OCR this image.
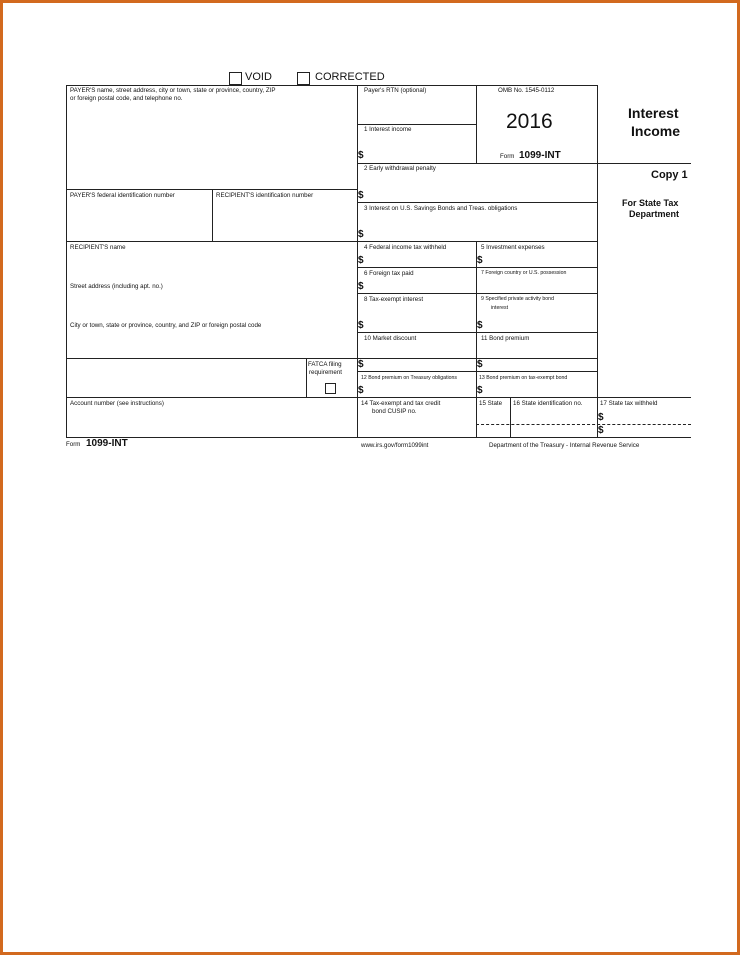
VOID	CORRECTED
PAYER'S name, street address, city or town, state or province, country, ZIP
or foreign postal code, and telephone no.
PAYER'S federal identification number	RECIPIENT'S identification number
RECIPIENT'S name
Street address (including apt. no.)
City or town, state or province, country, and ZIP or foreign postal code
FATCA filing
requirement
Account number (see instructions)
Payer's RTN (optional)	OMB No. 1545-0112
2016
Form 1099-INT
Interest
Income
Copy 1
For State Tax
Department
1 Interest income
$
2 Early withdrawal penalty
$
3 Interest on U.S. Savings Bonds and Treas. obligations
$
4 Federal income tax withheld
$
5 Investment expenses
$
6 Foreign tax paid
$
7 Foreign country or U.S. possession
8 Tax-exempt interest
$
9 Specified private activity bond
interest
$
10 Market discount
$
11 Bond premium
$
12 Bond premium on Treasury obligations
$
13 Bond premium on tax-exempt bond
$
14 Tax-exempt and tax credit
bond CUSIP no.
15 State 16 State identification no.	17 State tax withheld
$
$
Form 1099-INT	www.irs.gov/form1099int	Department of the Treasury - Internal Revenue Service
